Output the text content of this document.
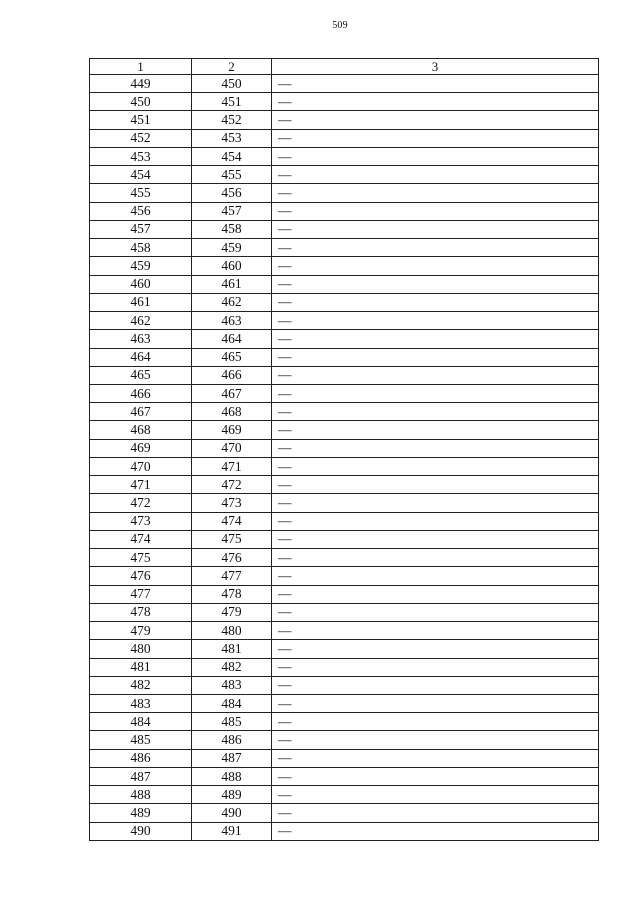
509
1	2	3
449	450	—
450	451	—
451	452	—
452	453	—
453	454	—
454	455	—
455	456	—
456	457	—
457	458	—
458	459	—
459	460	—
460	461	—
461	462	—
462	463	—
463	464	—
464	465	—
465	466	—
466	467	—
467	468	—
468	469	—
469	470	—
470	471	—
471	472	—
472	473	—
473	474	—
474	475	—
475	476	—
476	477	—
477	478	—
478	479	—
479	480	—
480	481	—
481	482	—
482	483	—
483	484	—
484	485	—
485	486	—
486	487	—
487	488	—
488	489	—
489	490	—
490	491	—
